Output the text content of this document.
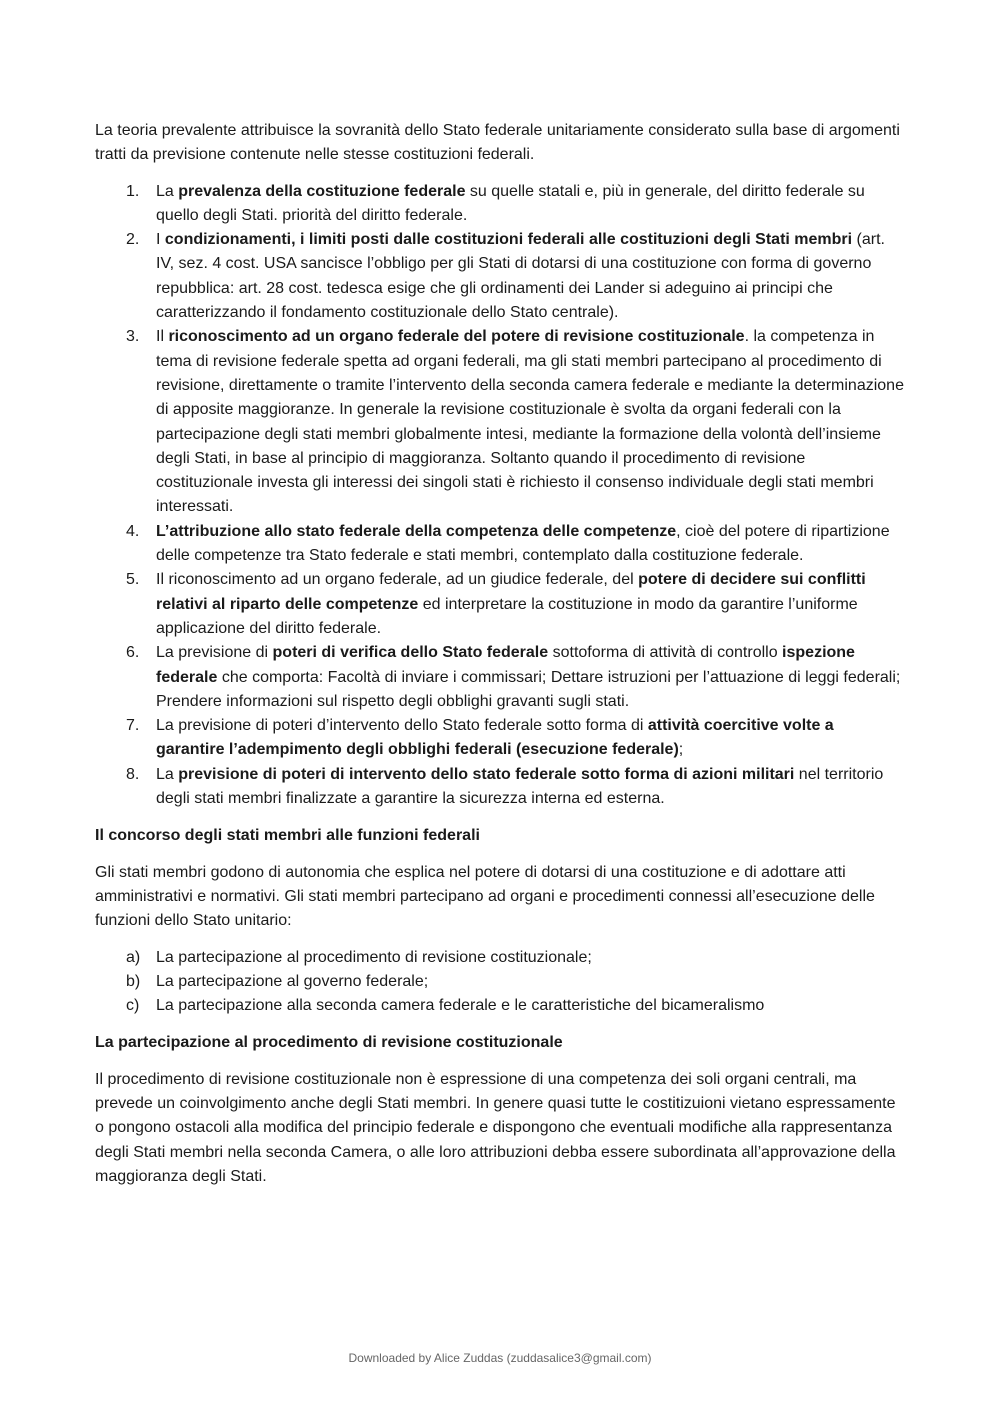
La teoria prevalente attribuisce la sovranità dello Stato federale unitariamente considerato sulla base di argomenti tratti da previsione contenute nelle stesse costituzioni federali.

1. La prevalenza della costituzione federale su quelle statali e, più in generale, del diritto federale su quello degli Stati. priorità del diritto federale.
2. I condizionamenti, i limiti posti dalle costituzioni federali alle costituzioni degli Stati membri (art. IV, sez. 4 cost. USA sancisce l’obbligo per gli Stati di dotarsi di una costituzione con forma di governo repubblica: art. 28 cost. tedesca esige che gli ordinamenti dei Lander si adeguino ai principi che caratterizzando il fondamento costituzionale dello Stato centrale).
3. Il riconoscimento ad un organo federale del potere di revisione costituzionale. la competenza in tema di revisione federale spetta ad organi federali, ma gli stati membri partecipano al procedimento di revisione, direttamente o tramite l’intervento della seconda camera federale e mediante la determinazione di apposite maggioranze. In generale la revisione costituzionale è svolta da organi federali con la partecipazione degli stati membri globalmente intesi, mediante la formazione della volontà dell’insieme degli Stati, in base al principio di maggioranza. Soltanto quando il procedimento di revisione costituzionale investa gli interessi dei singoli stati è richiesto il consenso individuale degli stati membri interessati.
4. L’attribuzione allo stato federale della competenza delle competenze, cioè del potere di ripartizione delle competenze tra Stato federale e stati membri, contemplato dalla costituzione federale.
5. Il riconoscimento ad un organo federale, ad un giudice federale, del potere di decidere sui conflitti relativi al riparto delle competenze ed interpretare la costituzione in modo da garantire l’uniforme applicazione del diritto federale.
6. La previsione di poteri di verifica dello Stato federale sottoforma di attività di controllo ispezione federale che comporta: Facoltà di inviare i commissari; Dettare istruzioni per l’attuazione di leggi federali; Prendere informazioni sul rispetto degli obblighi gravanti sugli stati.
7. La previsione di poteri d’intervento dello Stato federale sotto forma di attività coercitive volte a garantire l’adempimento degli obblighi federali (esecuzione federale);
8. La previsione di poteri di intervento dello stato federale sotto forma di azioni militari nel territorio degli stati membri finalizzate a garantire la sicurezza interna ed esterna.

Il concorso degli stati membri alle funzioni federali

Gli stati membri godono di autonomia che esplica nel potere di dotarsi di una costituzione e di adottare atti amministrativi e normativi. Gli stati membri partecipano ad organi e procedimenti connessi all’esecuzione delle funzioni dello Stato unitario:

a) La partecipazione al procedimento di revisione costituzionale;
b) La partecipazione al governo federale;
c) La partecipazione alla seconda camera federale e le caratteristiche del bicameralismo

La partecipazione al procedimento di revisione costituzionale

Il procedimento di revisione costituzionale non è espressione di una competenza dei soli organi centrali, ma prevede un coinvolgimento anche degli Stati membri. In genere quasi tutte le costitizuioni vietano espressamente o pongono ostacoli alla modifica del principio federale e dispongono che eventuali modifiche alla rappresentanza degli Stati membri nella seconda Camera, o alle loro attribuzioni debba essere subordinata all’approvazione della maggioranza degli Stati.

Downloaded by Alice Zuddas (zuddasalice3@gmail.com)
